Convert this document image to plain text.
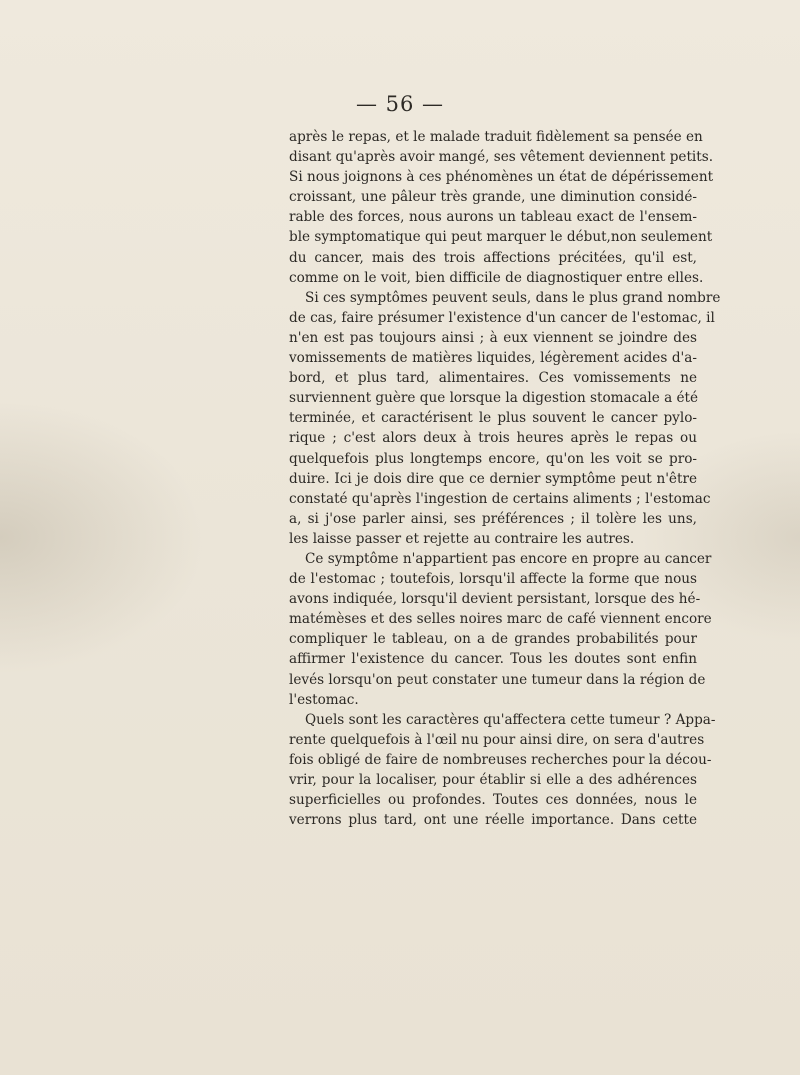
— 56 —
après le repas, et le malade traduit fidèlement sa pensée en
disant qu'après avoir mangé, ses vêtement deviennent petits.
Si nous joignons à ces phénomènes un état de dépérissement
croissant, une pâleur très grande, une diminution considé-
rable des forces, nous aurons un tableau exact de l'ensem-
ble symptomatique qui peut marquer le début,non seulement
du cancer, mais des trois affections précitées, qu'il est,
comme on le voit, bien difficile de diagnostiquer entre elles.
Si ces symptômes peuvent seuls, dans le plus grand nombre
de cas, faire présumer l'existence d'un cancer de l'estomac, il
n'en est pas toujours ainsi ; à eux viennent se joindre des
vomissements de matières liquides, légèrement acides d'a-
bord, et plus tard, alimentaires. Ces vomissements ne
surviennent guère que lorsque la digestion stomacale a été
terminée, et caractérisent le plus souvent le cancer pylo-
rique ; c'est alors deux à trois heures après le repas ou
quelquefois plus longtemps encore, qu'on les voit se pro-
duire. Ici je dois dire que ce dernier symptôme peut n'être
constaté qu'après l'ingestion de certains aliments ; l'estomac
a, si j'ose parler ainsi, ses préférences ; il tolère les uns,
les laisse passer et rejette au contraire les autres.
Ce symptôme n'appartient pas encore en propre au cancer
de l'estomac ; toutefois, lorsqu'il affecte la forme que nous
avons indiquée, lorsqu'il devient persistant, lorsque des hé-
matémèses et des selles noires marc de café viennent encore
compliquer le tableau, on a de grandes probabilités pour
affirmer l'existence du cancer. Tous les doutes sont enfin
levés lorsqu'on peut constater une tumeur dans la région de
l'estomac.
Quels sont les caractères qu'affectera cette tumeur ? Appa-
rente quelquefois à l'œil nu pour ainsi dire, on sera d'autres
fois obligé de faire de nombreuses recherches pour la décou-
vrir, pour la localiser, pour établir si elle a des adhérences
superficielles ou profondes. Toutes ces données, nous le
verrons plus tard, ont une réelle importance. Dans cette
